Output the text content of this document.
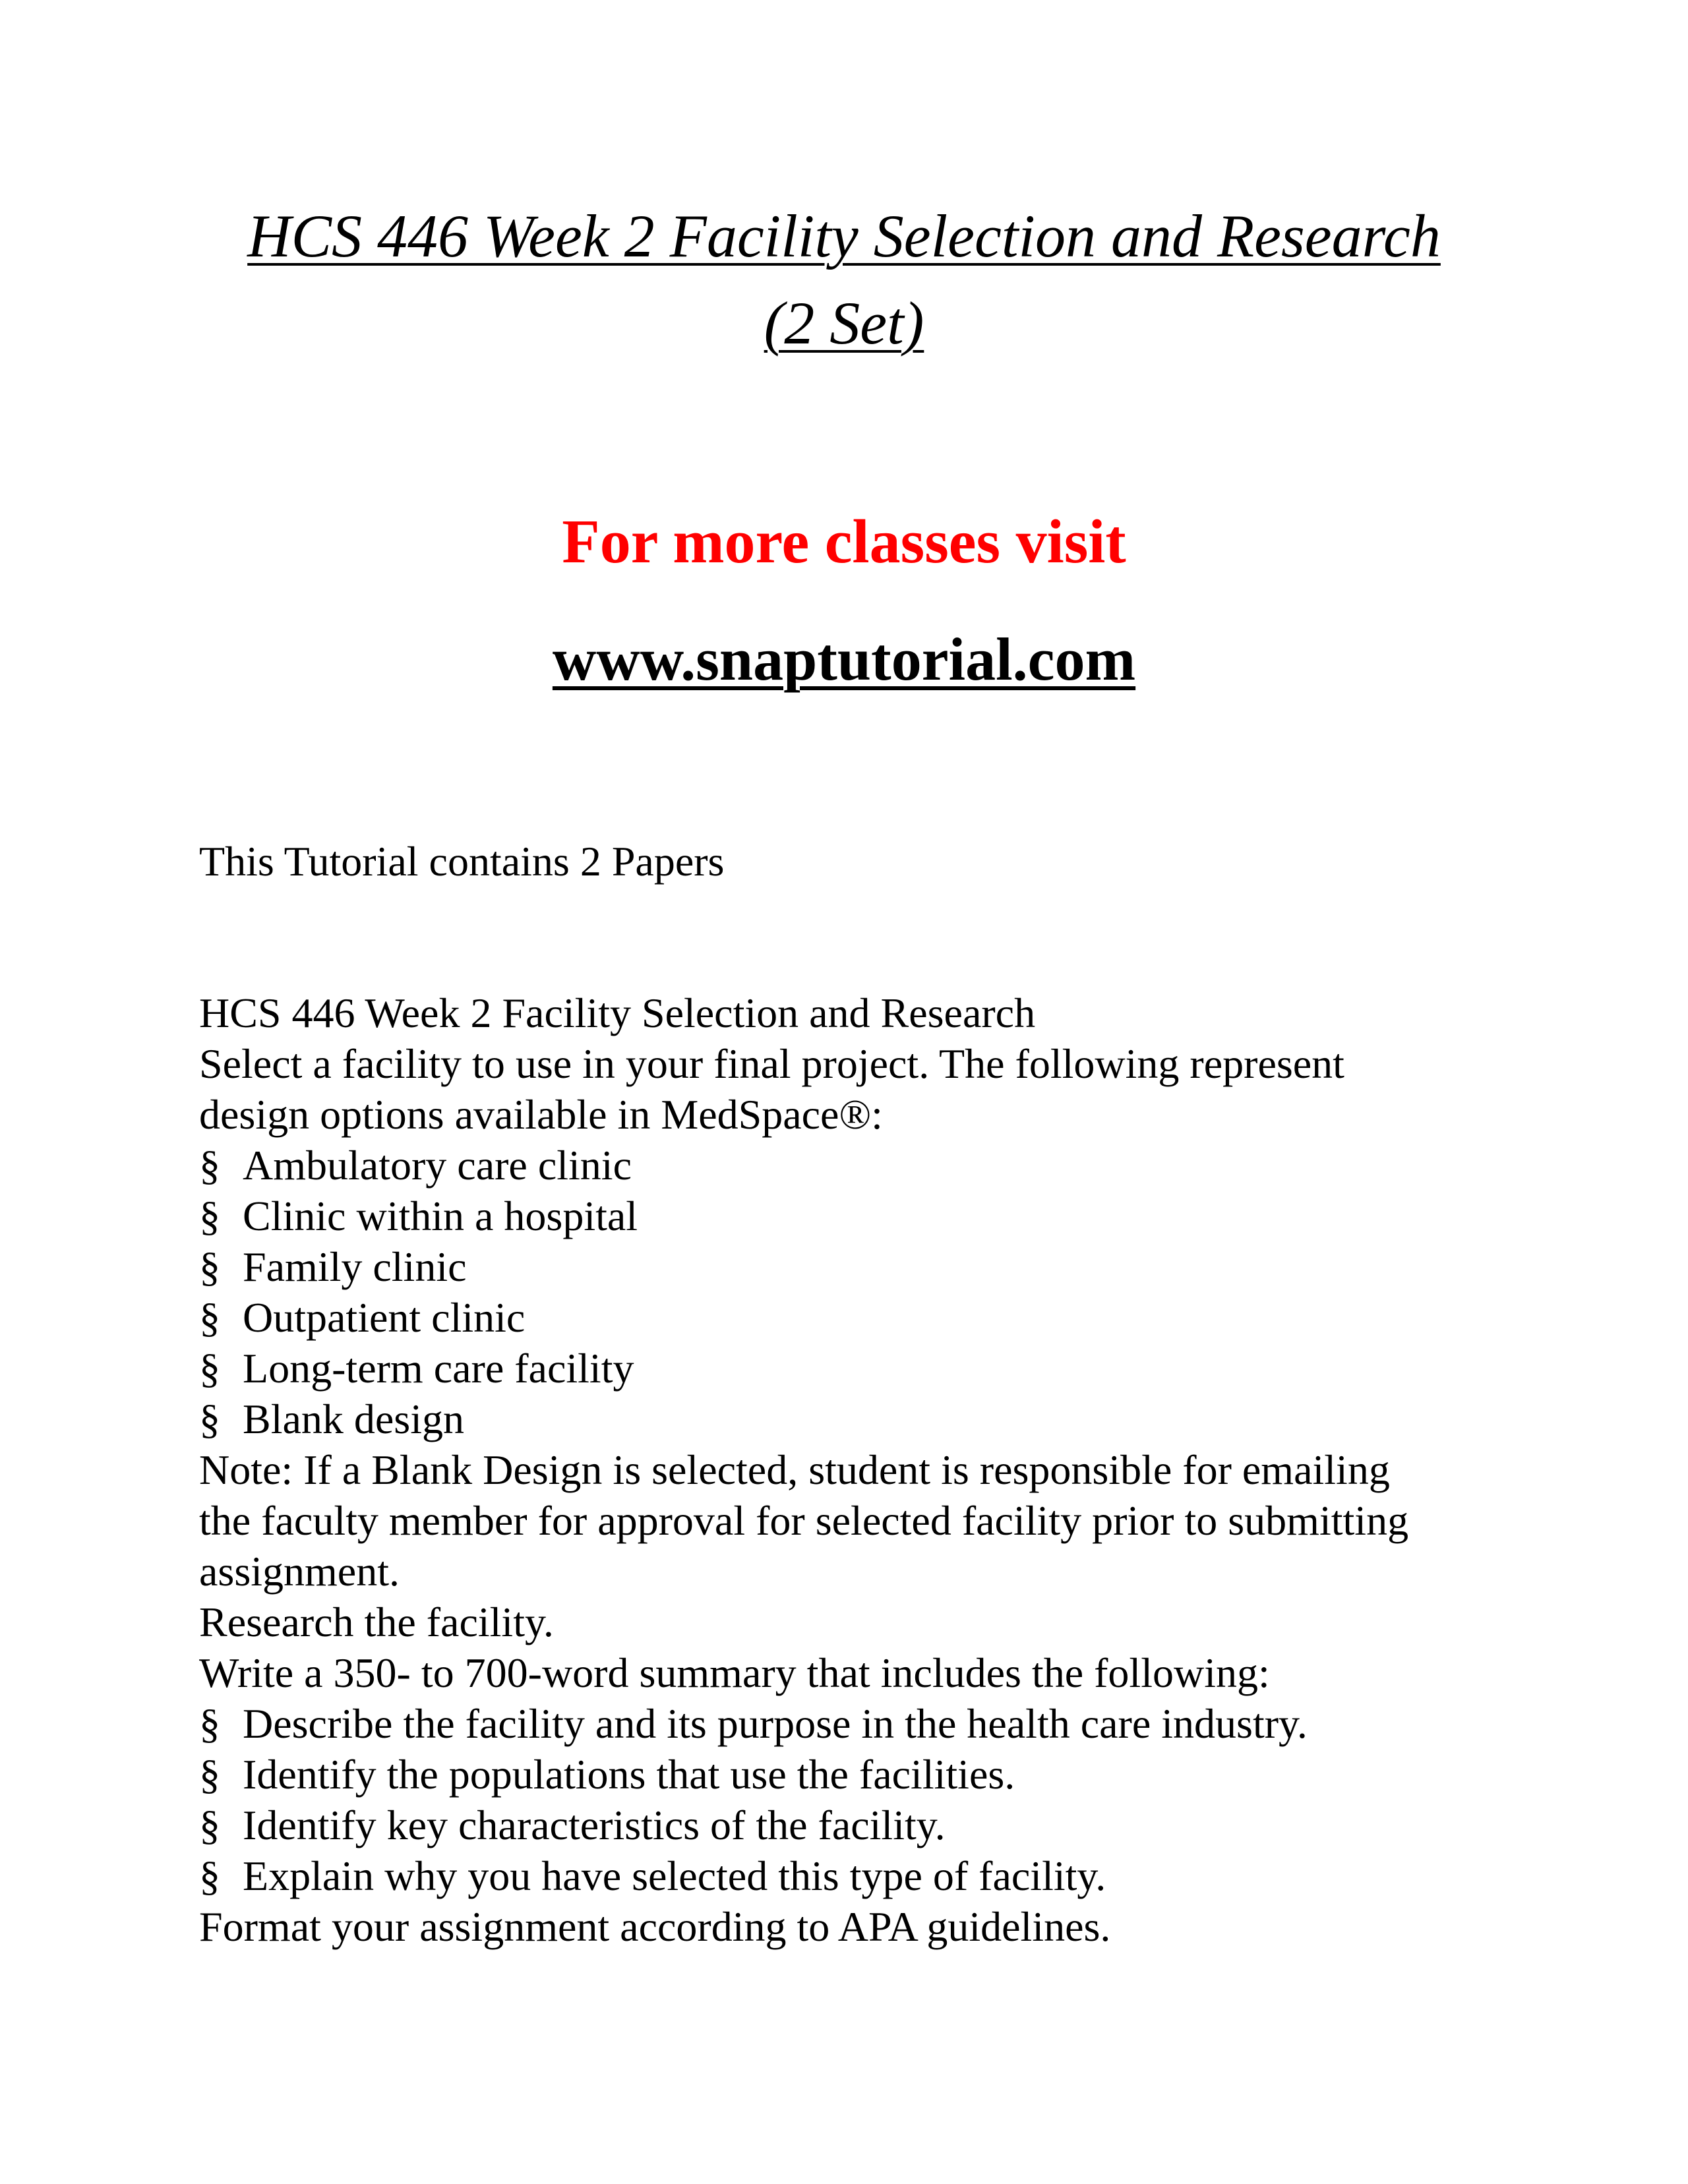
HCS 446 Week 2 Facility Selection and Research
(2 Set)
For more classes visit
www.snaptutorial.com
This Tutorial contains 2 Papers
HCS 446 Week 2 Facility Selection and Research
Select a facility to use in your final project. The following represent
design options available in MedSpace®:
§ Ambulatory care clinic
§ Clinic within a hospital
§ Family clinic
§ Outpatient clinic
§ Long-term care facility
§ Blank design
Note: If a Blank Design is selected, student is responsible for emailing
the faculty member for approval for selected facility prior to submitting
assignment.
Research the facility.
Write a 350- to 700-word summary that includes the following:
§ Describe the facility and its purpose in the health care industry.
§ Identify the populations that use the facilities.
§ Identify key characteristics of the facility.
§ Explain why you have selected this type of facility.
Format your assignment according to APA guidelines.
